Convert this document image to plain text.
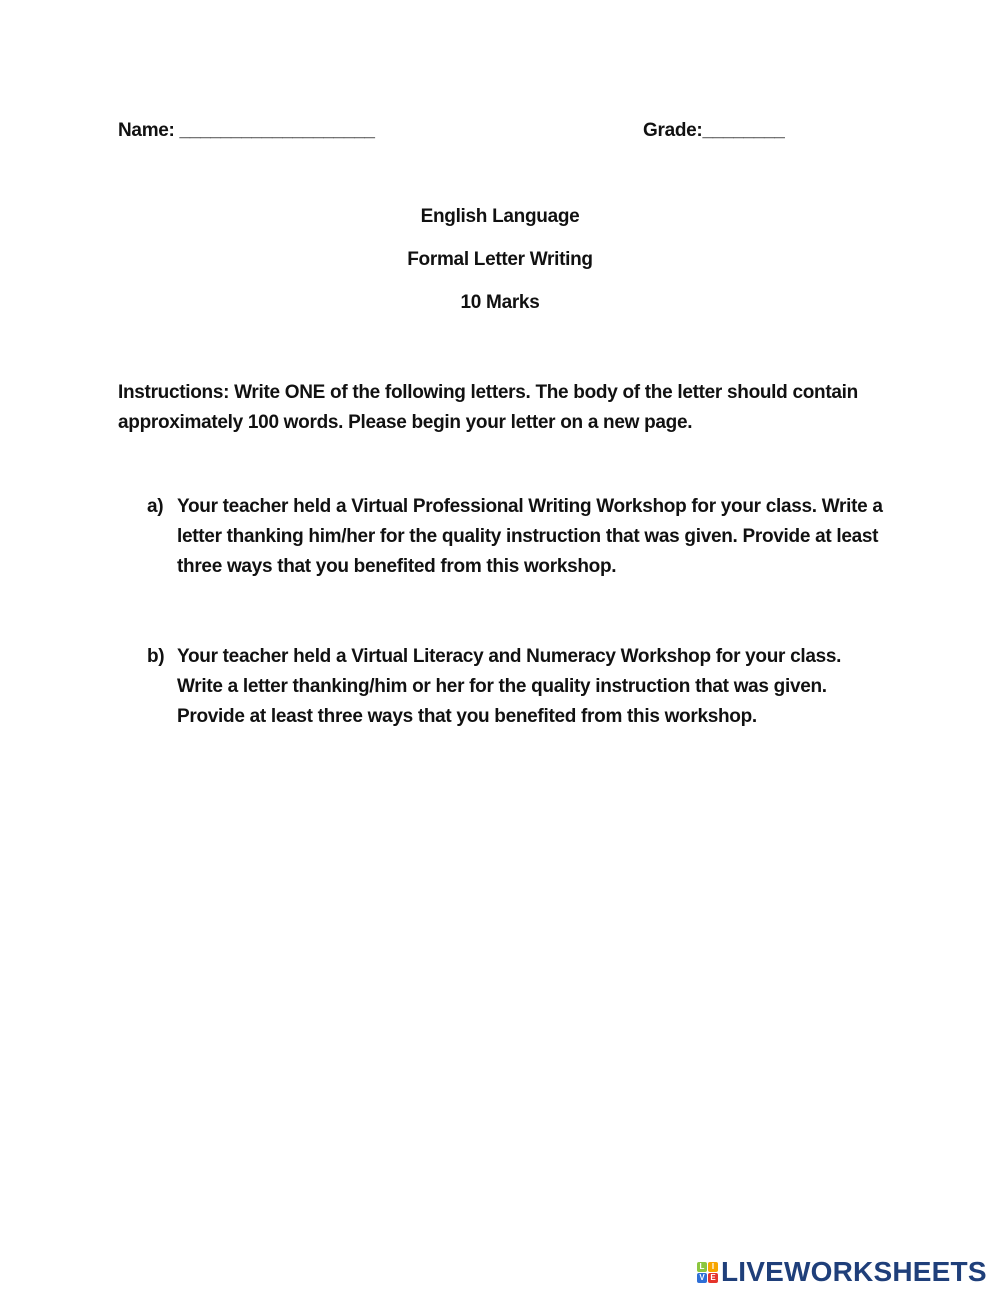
Name: ___________________	Grade:________
English Language
Formal Letter Writing
10 Marks
Instructions: Write ONE of the following letters. The body of the letter should contain approximately 100 words. Please begin your letter on a new page.
a) Your teacher held a Virtual Professional Writing Workshop for your class. Write a letter thanking him/her for the quality instruction that was given. Provide at least three ways that you benefited from this workshop.
b) Your teacher held a Virtual Literacy and Numeracy Workshop for your class. Write a letter thanking/him or her for the quality instruction that was given. Provide at least three ways that you benefited from this workshop.
L I
V E LIVEWORKSHEETS
